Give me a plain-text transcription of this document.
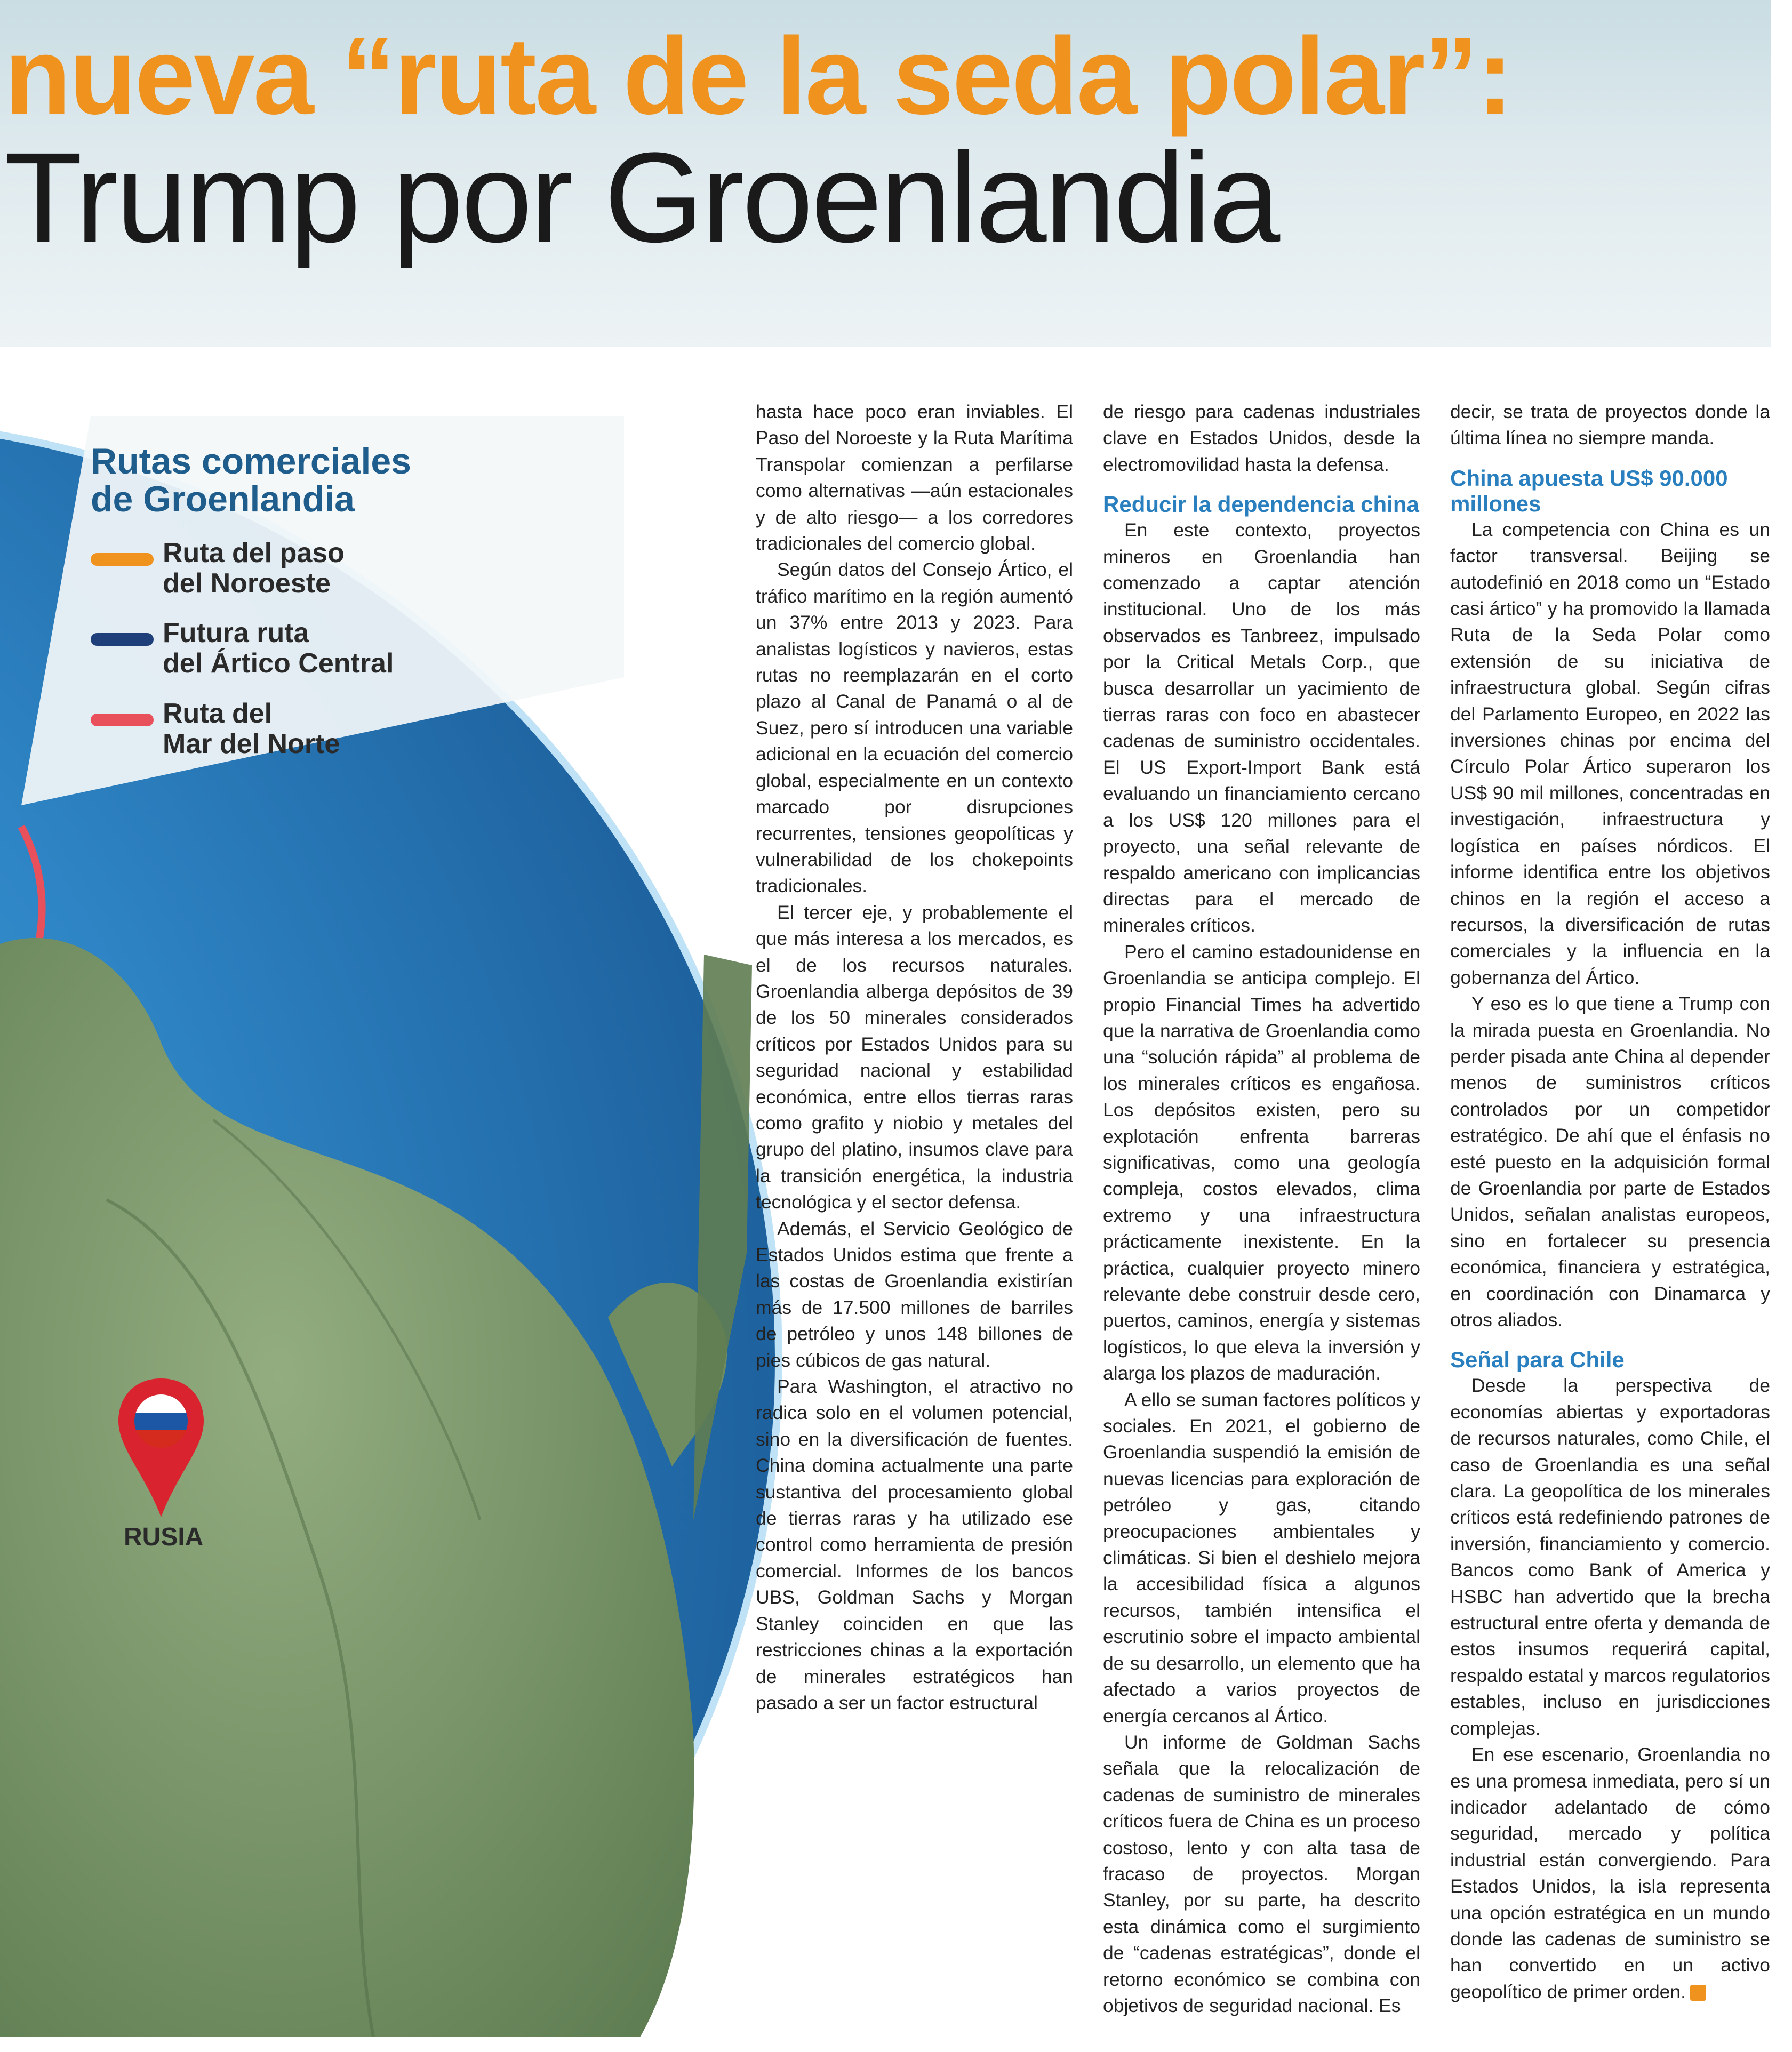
nueva “ruta de la seda polar”:
Trump por Groenlandia
Rutas comerciales
de Groenlandia
Ruta del paso
del Noroeste
Futura ruta
del Ártico Central
Ruta del
Mar del Norte
RUSIA

hasta hace poco eran inviables. El Paso del Noroeste y la Ruta Marítima Transpolar comienzan a perfilarse como alternativas —aún estacionales y de alto riesgo— a los corredores tradicionales del comercio global.

Según datos del Consejo Ártico, el tráfico marítimo en la región aumentó un 37% entre 2013 y 2023. Para analistas logísticos y navieros, estas rutas no reemplazarán en el corto plazo al Canal de Panamá o al de Suez, pero sí introducen una variable adicional en la ecuación del comercio global, especialmente en un contexto marcado por disrupciones recurrentes, tensiones geopolíticas y vulnerabilidad de los chokepoints tradicionales.

El tercer eje, y probablemente el que más interesa a los mercados, es el de los recursos naturales. Groenlandia alberga depósitos de 39 de los 50 minerales considerados críticos por Estados Unidos para su seguridad nacional y estabilidad económica, entre ellos tierras raras como grafito y niobio y metales del grupo del platino, insumos clave para la transición energética, la industria tecnológica y el sector defensa.

Además, el Servicio Geológico de Estados Unidos estima que frente a las costas de Groenlandia existirían más de 17.500 millones de barriles de petróleo y unos 148 billones de pies cúbicos de gas natural.

Para Washington, el atractivo no radica solo en el volumen potencial, sino en la diversificación de fuentes. China domina actualmente una parte sustantiva del procesamiento global de tierras raras y ha utilizado ese control como herramienta de presión comercial. Informes de los bancos UBS, Goldman Sachs y Morgan Stanley coinciden en que las restricciones chinas a la exportación de minerales estratégicos han pasado a ser un factor estructural

de riesgo para cadenas industriales clave en Estados Unidos, desde la electromovilidad hasta la defensa.

Reducir la dependencia china

En este contexto, proyectos mineros en Groenlandia han comenzado a captar atención institucional. Uno de los más observados es Tanbreez, impulsado por la Critical Metals Corp., que busca desarrollar un yacimiento de tierras raras con foco en abastecer cadenas de suministro occidentales. El US Export-Import Bank está evaluando un financiamiento cercano a los US$ 120 millones para el proyecto, una señal relevante de respaldo americano con implicancias directas para el mercado de minerales críticos.

Pero el camino estadounidense en Groenlandia se anticipa complejo. El propio Financial Times ha advertido que la narrativa de Groenlandia como una “solución rápida” al problema de los minerales críticos es engañosa. Los depósitos existen, pero su explotación enfrenta barreras significativas, como una geología compleja, costos elevados, clima extremo y una infraestructura prácticamente inexistente. En la práctica, cualquier proyecto minero relevante debe construir desde cero, puertos, caminos, energía y sistemas logísticos, lo que eleva la inversión y alarga los plazos de maduración.

A ello se suman factores políticos y sociales. En 2021, el gobierno de Groenlandia suspendió la emisión de nuevas licencias para exploración de petróleo y gas, citando preocupaciones ambientales y climáticas. Si bien el deshielo mejora la accesibilidad física a algunos recursos, también intensifica el escrutinio sobre el impacto ambiental de su desarrollo, un elemento que ha afectado a varios proyectos de energía cercanos al Ártico.

Un informe de Goldman Sachs señala que la relocalización de cadenas de suministro de minerales críticos fuera de China es un proceso costoso, lento y con alta tasa de fracaso de proyectos. Morgan Stanley, por su parte, ha descrito esta dinámica como el surgimiento de “cadenas estratégicas”, donde el retorno económico se combina con objetivos de seguridad nacional. Es

decir, se trata de proyectos donde la última línea no siempre manda.

China apuesta US$ 90.000 millones

La competencia con China es un factor transversal. Beijing se autodefinió en 2018 como un “Estado casi ártico” y ha promovido la llamada Ruta de la Seda Polar como extensión de su iniciativa de infraestructura global. Según cifras del Parlamento Europeo, en 2022 las inversiones chinas por encima del Círculo Polar Ártico superaron los US$ 90 mil millones, concentradas en investigación, infraestructura y logística en países nórdicos. El informe identifica entre los objetivos chinos en la región el acceso a recursos, la diversificación de rutas comerciales y la influencia en la gobernanza del Ártico.

Y eso es lo que tiene a Trump con la mirada puesta en Groenlandia. No perder pisada ante China al depender menos de suministros críticos controlados por un competidor estratégico. De ahí que el énfasis no esté puesto en la adquisición formal de Groenlandia por parte de Estados Unidos, señalan analistas europeos, sino en fortalecer su presencia económica, financiera y estratégica, en coordinación con Dinamarca y otros aliados.

Señal para Chile

Desde la perspectiva de economías abiertas y exportadoras de recursos naturales, como Chile, el caso de Groenlandia es una señal clara. La geopolítica de los minerales críticos está redefiniendo patrones de inversión, financiamiento y comercio. Bancos como Bank of America y HSBC han advertido que la brecha estructural entre oferta y demanda de estos insumos requerirá capital, respaldo estatal y marcos regulatorios estables, incluso en jurisdicciones complejas.

En ese escenario, Groenlandia no es una promesa inmediata, pero sí un indicador adelantado de cómo seguridad, mercado y política industrial están convergiendo. Para Estados Unidos, la isla representa una opción estratégica en un mundo donde las cadenas de suministro se han convertido en un activo geopolítico de primer orden. ■
